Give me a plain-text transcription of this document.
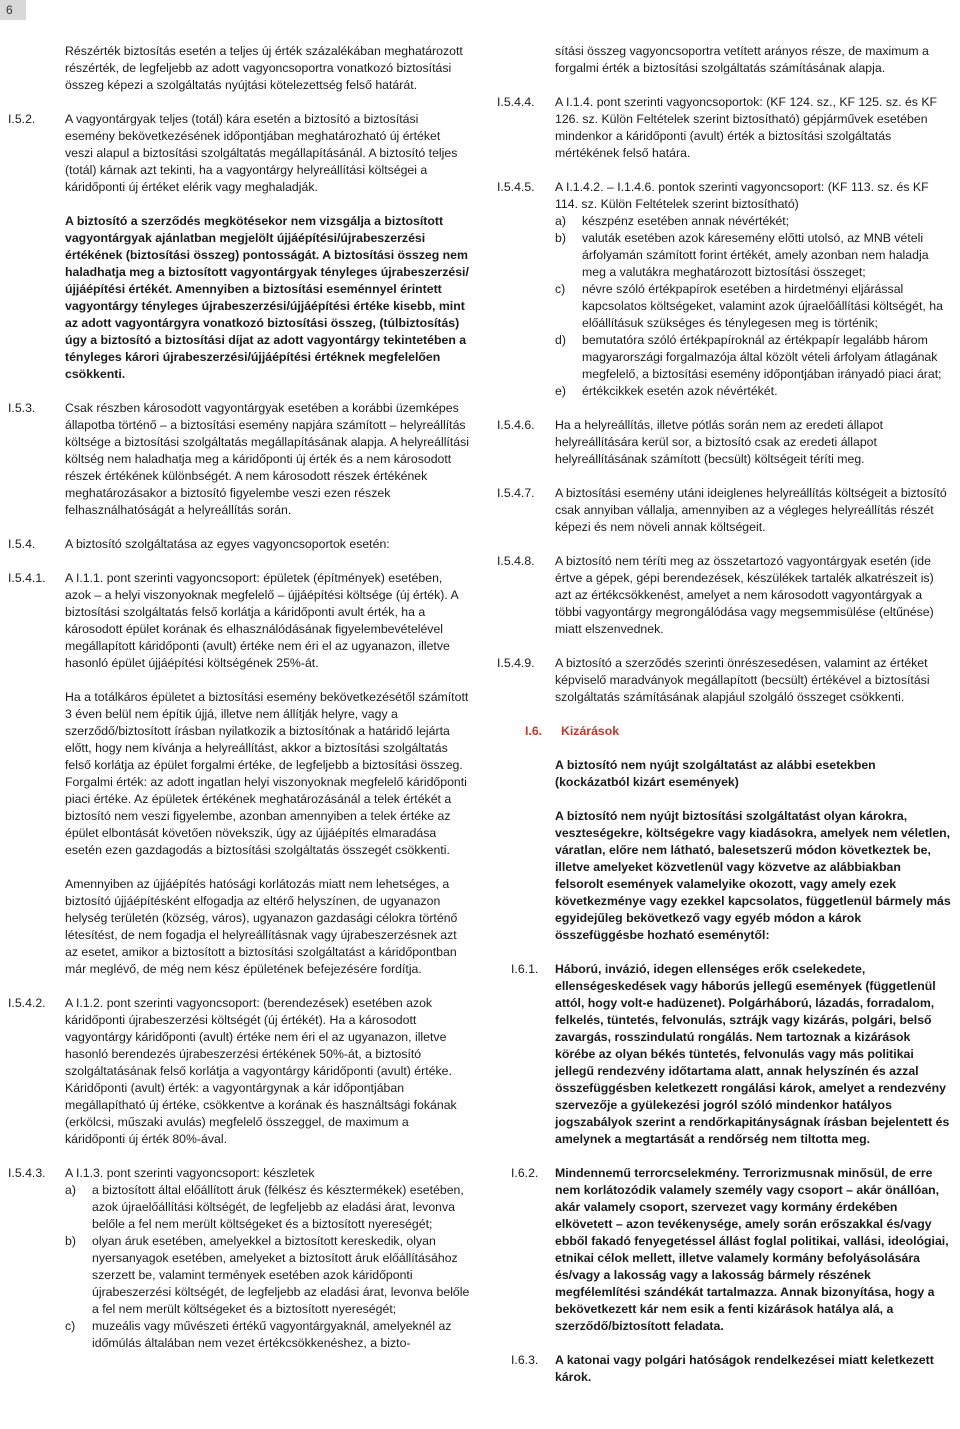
6

Részérték biztosítás esetén a teljes új érték százalékában meghatározott részérték, de legfeljebb az adott vagyoncsoportra vonatkozó biztosítási összeg képezi a szolgáltatás nyújtási kötelezettség felső határát.

I.5.2.	A vagyontárgyak teljes (totál) kára esetén a biztosító a biztosítási esemény bekövetkezésének időpontjában meghatározható új értéket veszi alapul a biztosítási szolgáltatás megállapításánál. A biztosító teljes (totál) kárnak azt tekinti, ha a vagyontárgy helyreállítási költségei a káridőponti új értéket elérik vagy meghaladják.

A biztosító a szerződés megkötésekor nem vizsgálja a biztosított vagyontárgyak ajánlatban megjelölt újjáépítési/újrabeszerzési értékének (biztosítási összeg) pontosságát. A biztosítási összeg nem haladhatja meg a biztosított vagyontárgyak tényleges újrabeszerzési/újjáépítési értékét. Amennyiben a biztosítási eseménnyel érintett vagyontárgy tényleges újrabeszerzési/újjáépítési értéke kisebb, mint az adott vagyontárgyra vonatkozó biztosítási összeg, (túlbiztosítás) úgy a biztosító a biztosítási díjat az adott vagyontárgy tekintetében a tényleges károri újrabeszerzési/újjáépítési értéknek megfelelően csökkenti.

I.5.3.	Csak részben károsodott vagyontárgyak esetében a korábbi üzemképes állapotba történő – a biztosítási esemény napjára számított – helyreállítás költsége a biztosítási szolgáltatás megállapításának alapja. A helyreállítási költség nem haladhatja meg a káridőponti új érték és a nem károsodott részek értékének különbségét. A nem károsodott részek értékének meghatározásakor a biztosító figyelembe veszi ezen részek felhasználhatóságát a helyreállítás során.

I.5.4.	A biztosító szolgáltatása az egyes vagyoncsoportok esetén:

I.5.4.1.	A I.1.1. pont szerinti vagyoncsoport: épületek (építmények) esetében, azok – a helyi viszonyoknak megfelelő – újjáépítési költsége (új érték). A biztosítási szolgáltatás felső korlátja a káridőponti avult érték, ha a károsodott épület korának és elhasználódásának figyelembevételével megállapított káridőponti (avult) értéke nem éri el az ugyanazon, illetve hasonló épület újjáépítési költségének 25%-át.

Ha a totálkáros épületet a biztosítási esemény bekövetkezésétől számított 3 éven belül nem építik újjá, illetve nem állítják helyre, vagy a szerződő/biztosított írásban nyilatkozik a biztosítónak a határidő lejárta előtt, hogy nem kívánja a helyreállítást, akkor a biztosítási szolgáltatás felső korlátja az épület forgalmi értéke, de legfeljebb a biztosítási összeg. Forgalmi érték: az adott ingatlan helyi viszonyoknak megfelelő káridőponti piaci értéke. Az épületek értékének meghatározásánál a telek értékét a biztosító nem veszi figyelembe, azonban amennyiben a telek értéke az épület elbontását követően növekszik, úgy az újjáépítés elmaradása esetén ezen gazdagodás a biztosítási szolgáltatás összegét csökkenti.

Amennyiben az újjáépítés hatósági korlátozás miatt nem lehetséges, a biztosító újjáépítésként elfogadja az eltérő helyszínen, de ugyanazon helység területén (község, város), ugyanazon gazdasági célokra történő létesítést, de nem fogadja el helyreállításnak vagy újrabeszerzésnek azt az esetet, amikor a biztosított a biztosítási szolgáltatást a káridőpontban már meglévő, de még nem kész épületének befejezésére fordítja.

I.5.4.2.	A I.1.2. pont szerinti vagyoncsoport: (berendezések) esetében azok káridőponti újrabeszerzési költségét (új értékét). Ha a károsodott vagyontárgy káridőponti (avult) értéke nem éri el az ugyanazon, illetve hasonló berendezés újrabeszerzési értékének 50%-át, a biztosító szolgáltatásának felső korlátja a vagyontárgy káridőponti (avult) értéke. Káridőponti (avult) érték: a vagyontárgynak a kár időpontjában megállapítható új értéke, csökkentve a korának és használtsági fokának (erkölcsi, műszaki avulás) megfelelő összeggel, de maximum a káridőponti új érték 80%-ával.

I.5.4.3.	A I.1.3. pont szerinti vagyoncsoport: készletek

a)	a biztosított által előállított áruk (félkész és késztermékek) esetében, azok újraelőállítási költségét, de legfeljebb az eladási árat, levonva belőle a fel nem merült költségeket és a biztosított nyereségét;
b)	olyan áruk esetében, amelyekkel a biztosított kereskedik, olyan nyersanyagok esetében, amelyeket a biztosított áruk előállításához szerzett be, valamint termények esetében azok káridőponti újrabeszerzési költségét, de legfeljebb az eladási árat, levonva belőle a fel nem merült költségeket és a biztosított nyereségét;
c)	muzeális vagy művészeti értékű vagyontárgyaknál, amelyeknél az időmúlás általában nem vezet értékcsökkenéshez, a bizto-

sítási összeg vagyoncsoportra vetített arányos része, de maximum a forgalmi érték a biztosítási szolgáltatás számításának alapja.

I.5.4.4.	A I.1.4. pont szerinti vagyoncsoportok: (KF 124. sz., KF 125. sz. és KF 126. sz. Külön Feltételek szerint biztosítható) gépjárművek esetében mindenkor a káridőponti (avult) érték a biztosítási szolgáltatás mértékének felső határa.

I.5.4.5.	A I.1.4.2. – I.1.4.6. pontok szerinti vagyoncsoport: (KF 113. sz. és KF 114. sz. Külön Feltételek szerint biztosítható)

a)	készpénz esetében annak névértékét;
b)	valuták esetében azok káresemény előtti utolsó, az MNB vételi árfolyamán számított forint értékét, amely azonban nem haladja meg a valutákra meghatározott biztosítási összeget;
c)	névre szóló értékpapírok esetében a hirdetményi eljárással kapcsolatos költségeket, valamint azok újraelőállítási költségét, ha előállításuk szükséges és ténylegesen meg is történik;
d)	bemutatóra szóló értékpapíroknál az értékpapír legalább három magyarországi forgalmazója által közölt vételi árfolyam átlagának megfelelő, a biztosítási esemény időpontjában irányadó piaci árat;
e)	értékcikkek esetén azok névértékét.
I.5.4.6.	Ha a helyreállítás, illetve pótlás során nem az eredeti állapot helyreállítására kerül sor, a biztosító csak az eredeti állapot helyreállításának számított (becsült) költségeit téríti meg.

I.5.4.7.	A biztosítási esemény utáni ideiglenes helyreállítás költségeit a biztosító csak annyiban vállalja, amennyiben az a végleges helyreállítás részét képezi és nem növeli annak költségeit.

I.5.4.8.	A biztosító nem téríti meg az összetartozó vagyontárgyak esetén (ide értve a gépek, gépi berendezések, készülékek tartalék alkatrészeit is) azt az értékcsökkenést, amelyet a nem károsodott vagyontárgyak a többi vagyontárgy megrongálódása vagy megsemmisülése (eltűnése) miatt elszenvednek.

I.5.4.9.	A biztosító a szerződés szerinti önrészesedésen, valamint az értéket képviselő maradványok megállapított (becsült) értékével a biztosítási szolgáltatás számításának alapjául szolgáló összeget csökkenti.

I.6.	Kizárások

A biztosító nem nyújt szolgáltatást az alábbi esetekben (kockázatból kizárt események)

A biztosító nem nyújt biztosítási szolgáltatást olyan károkra, veszteségekre, költségekre vagy kiadásokra, amelyek nem véletlen, váratlan, előre nem látható, balesetszerű módon következtek be, illetve amelyeket közvetlenül vagy közvetve az alábbiakban felsorolt események valamelyike okozott, vagy amely ezek következménye vagy ezekkel kapcsolatos, függetlenül bármely más egyidejűleg bekövetkező vagy egyéb módon a károk összefüggésbe hozható eseménytől:

I.6.1.	Háború, invázió, idegen ellenséges erők cselekedete, ellenségeskedések vagy háborús jellegű események (függetlenül attól, hogy volt-e hadüzenet). Polgárháború, lázadás, forradalom, felkelés, tüntetés, felvonulás, sztrájk vagy kizárás, polgári, belső zavargás, rosszindulatú rongálás. Nem tartoznak a kizárások körébe az olyan békés tüntetés, felvonulás vagy más politikai jellegű rendezvény időtartama alatt, annak helyszínén és azzal összefüggésben keletkezett rongálási károk, amelyet a rendezvény szervezője a gyülekezési jogról szóló mindenkor hatályos jogszabályok szerint a rendőrkapitányságnak írásban bejelentett és amelynek a megtartását a rendőrség nem tiltotta meg.

I.6.2.	Mindennemű terrorcselekmény. Terrorizmusnak minősül, de erre nem korlátozódik valamely személy vagy csoport – akár önállóan, akár valamely csoport, szervezet vagy kormány érdekében elkövetett – azon tevékenysége, amely során erőszakkal és/vagy ebből fakadó fenyegetéssel állást foglal politikai, vallási, ideológiai, etnikai célok mellett, illetve valamely kormány befolyásolására és/vagy a lakosság vagy a lakosság bármely részének megfélemlítési szándékát tartalmazza. Annak bizonyítása, hogy a bekövetkezett kár nem esik a fenti kizárások hatálya alá, a szerződő/biztosított feladata.

I.6.3.	A katonai vagy polgári hatóságok rendelkezései miatt keletkezett károk.
